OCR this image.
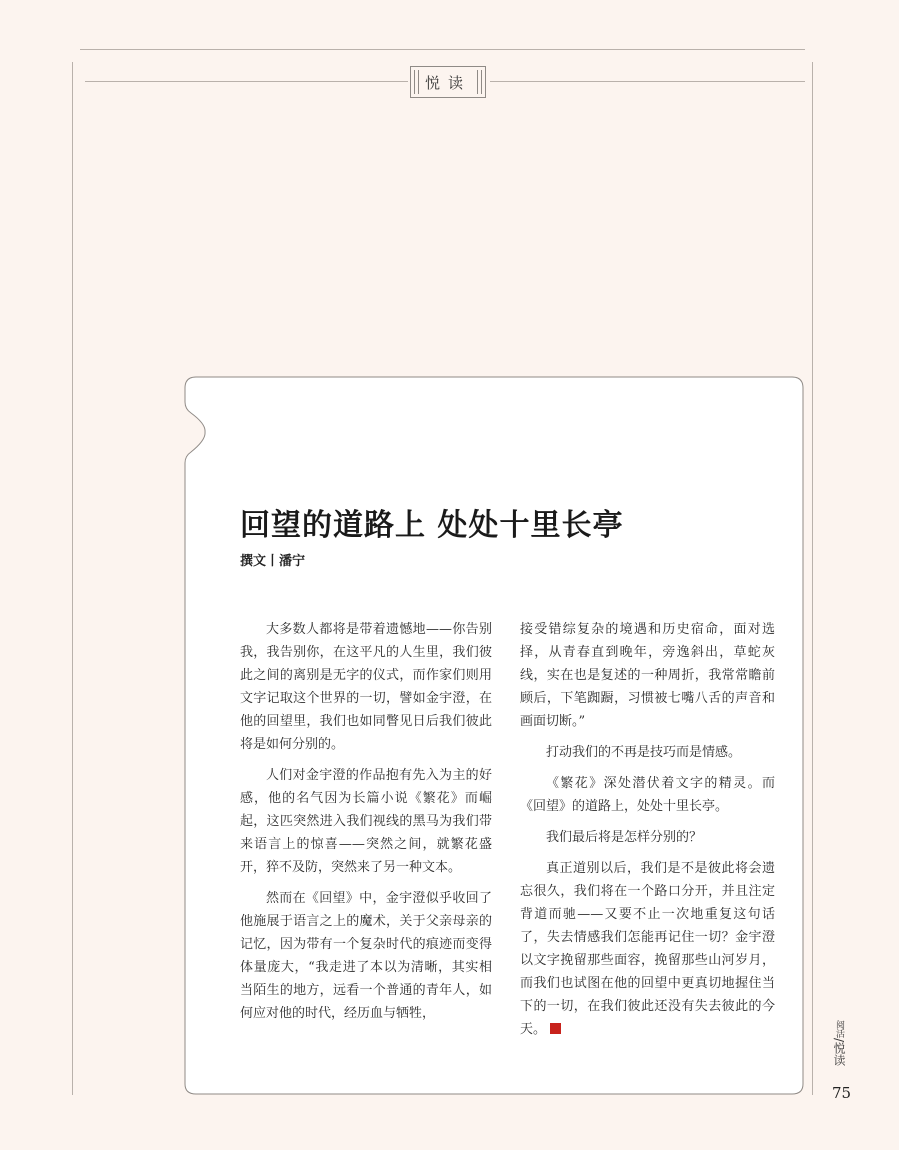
悦读
回望的道路上 处处十里长亭

撰文丨潘宁

大多数人都将是带着遗憾地——你告别我，我告别你，在这平凡的人生里，我们彼此之间的离别是无字的仪式，而作家们则用文字记取这个世界的一切，譬如金宇澄，在他的回望里，我们也如同瞥见日后我们彼此将是如何分别的。

人们对金宇澄的作品抱有先入为主的好感，他的名气因为长篇小说《繁花》而崛起，这匹突然进入我们视线的黑马为我们带来语言上的惊喜——突然之间，就繁花盛开，猝不及防，突然来了另一种文本。

然而在《回望》中，金宇澄似乎收回了他施展于语言之上的魔术，关于父亲母亲的记忆，因为带有一个复杂时代的痕迹而变得体量庞大，“我走进了本以为清晰，其实相当陌生的地方，远看一个普通的青年人，如何应对他的时代，经历血与牺牲，

接受错综复杂的境遇和历史宿命，面对选择，从青春直到晚年，旁逸斜出，草蛇灰线，实在也是复述的一种周折，我常常瞻前顾后，下笔踟蹰，习惯被七嘴八舌的声音和画面切断。”

打动我们的不再是技巧而是情感。

《繁花》深处潜伏着文字的精灵。而《回望》的道路上，处处十里长亭。

我们最后将是怎样分别的？

真正道别以后，我们是不是彼此将会遗忘很久，我们将在一个路口分开，并且注定背道而驰——又要不止一次地重复这句话了，失去情感我们怎能再记住一切？金宇澄以文字挽留那些面容，挽留那些山河岁月，而我们也试图在他的回望中更真切地握住当下的一切，在我们彼此还没有失去彼此的今天。	阅活/悦读

75
